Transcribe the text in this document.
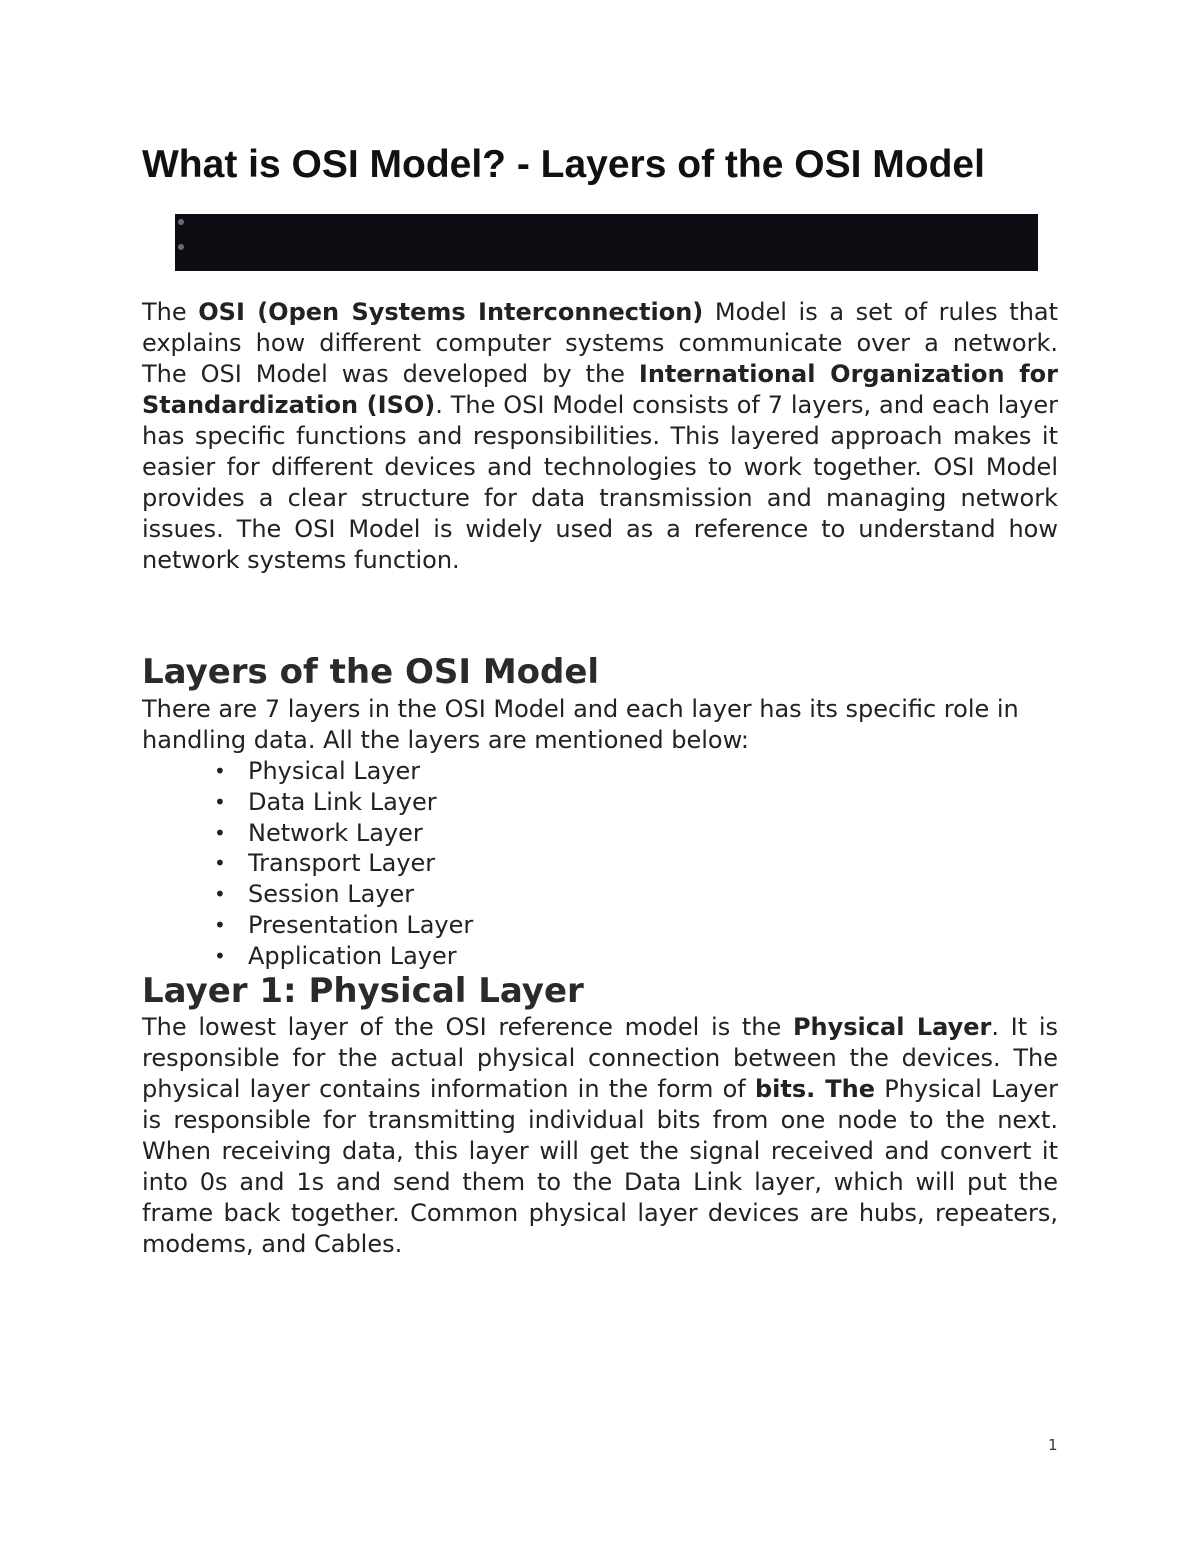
What is OSI Model? - Layers of the OSI Model

The OSI (Open Systems Interconnection) Model is a set of rules that explains how different computer systems communicate over a network. The OSI Model was developed by the International Organization for Standardization (ISO). The OSI Model consists of 7 layers, and each layer has specific functions and responsibilities. This layered approach makes it easier for different devices and technologies to work together. OSI Model provides a clear structure for data transmission and managing network issues. The OSI Model is widely used as a reference to understand how network systems function.

Layers of the OSI Model

There are 7 layers in the OSI Model and each layer has its specific role in handling data. All the layers are mentioned below:

• Physical Layer
• Data Link Layer
• Network Layer
• Transport Layer
• Session Layer
• Presentation Layer
• Application Layer
Layer 1: Physical Layer

The lowest layer of the OSI reference model is the Physical Layer. It is responsible for the actual physical connection between the devices. The physical layer contains information in the form of bits. The Physical Layer is responsible for transmitting individual bits from one node to the next. When receiving data, this layer will get the signal received and convert it into 0s and 1s and send them to the Data Link layer, which will put the frame back together. Common physical layer devices are hubs, repeaters, modems, and Cables.

1
